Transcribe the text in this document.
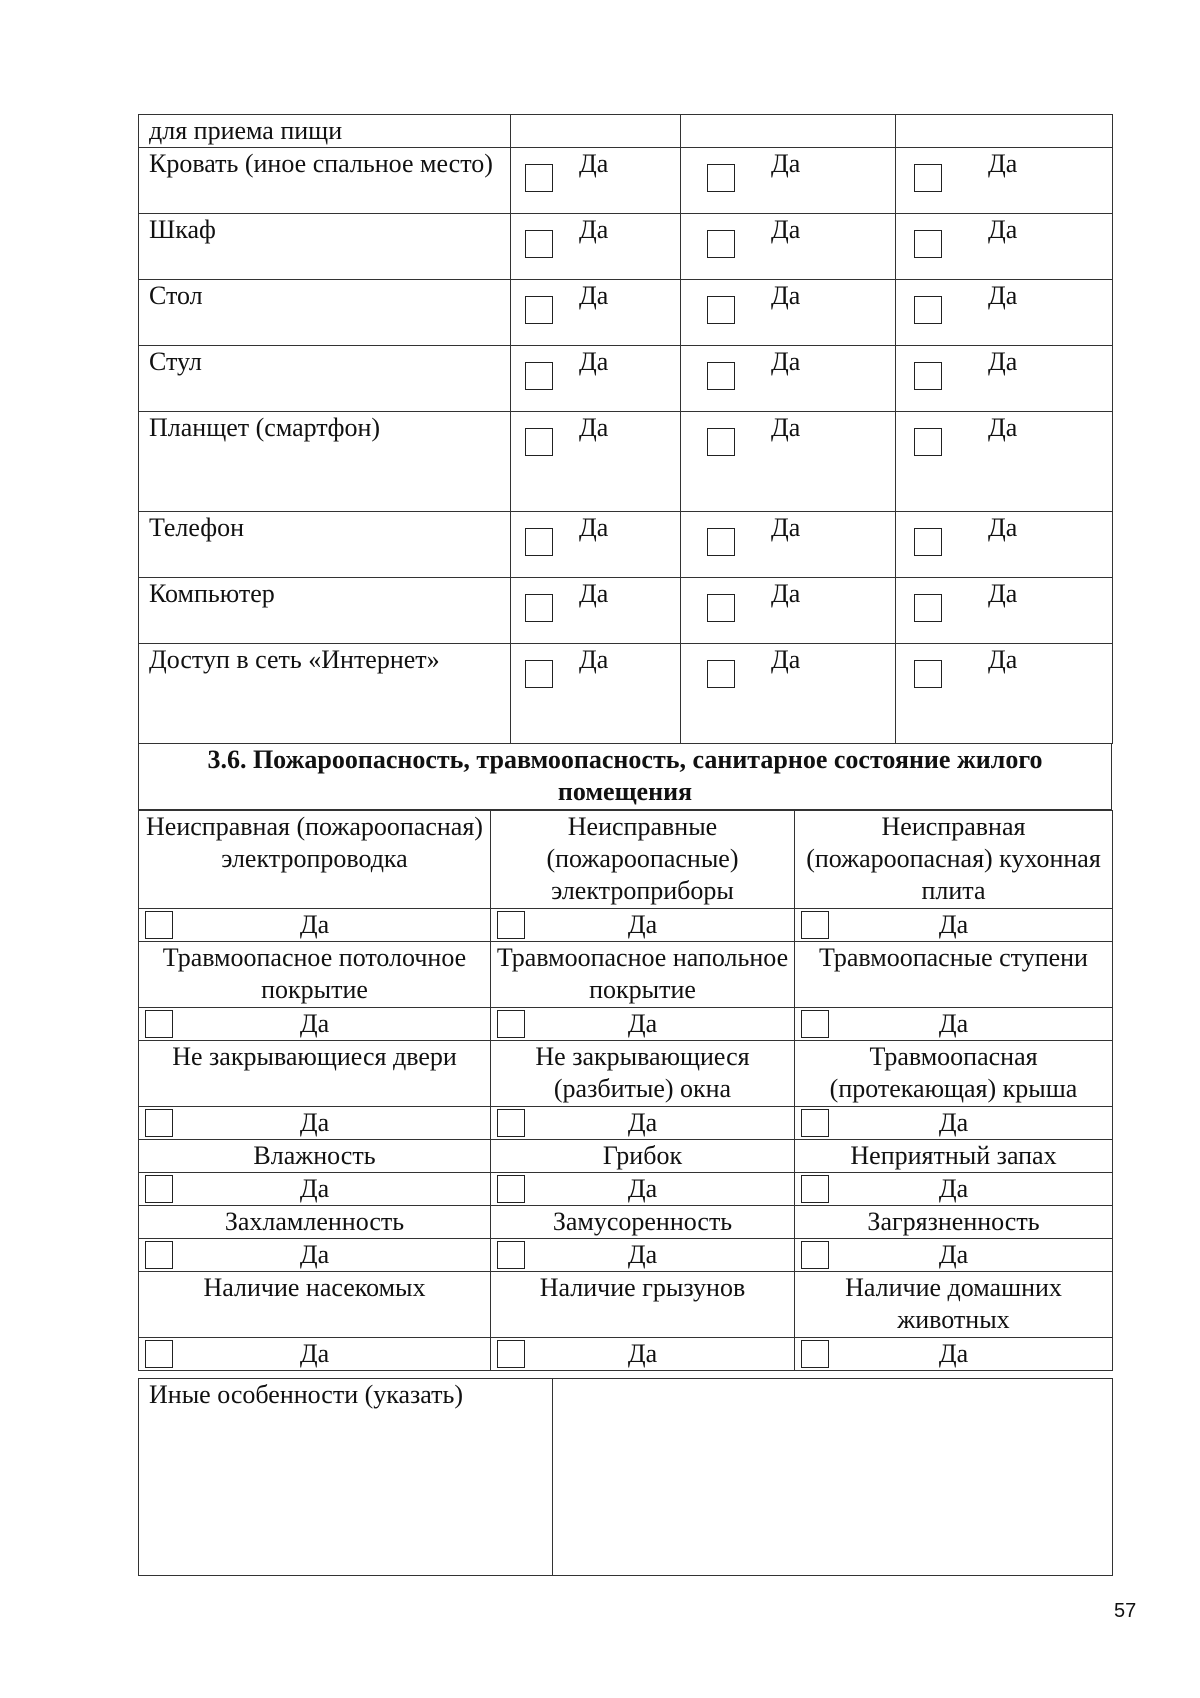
для приема пищи			
Кровать (иное спальное место)	Да	Да	Да

Шкаф	Да	Да	Да

Стол	Да	Да	Да

Стул	Да	Да	Да

Планщет (смартфон)	Да	Да	Да

Телефон	Да	Да	Да

Компьютер	Да	Да	Да

Доступ в сеть «Интернет»	Да	Да	Да
3.6. Пожароопасность, травмоопасность, санитарное состояние жилого помещения
Неисправная (пожароопасная) электропроводка	Неисправные (пожароопасные) электроприборы	Неисправная (пожароопасная) кухонная плита

Да	Да	Да
Травмоопасное потолочное покрытие	Травмоопасное напольное покрытие	Травмоопасные ступени

Да	Да	Да
Не закрывающиеся двери	Не закрывающиеся (разбитые) окна	Травмоопасная (протекающая) крыша

Да	Да	Да
Влажность	Грибок	Неприятный запах

Да	Да	Да
Захламленность	Замусоренность	Загрязненность

Да	Да	Да
Наличие насекомых	Наличие грызунов	Наличие домашних животных

Да	Да	Да
Иные особенности (указать)	
57
